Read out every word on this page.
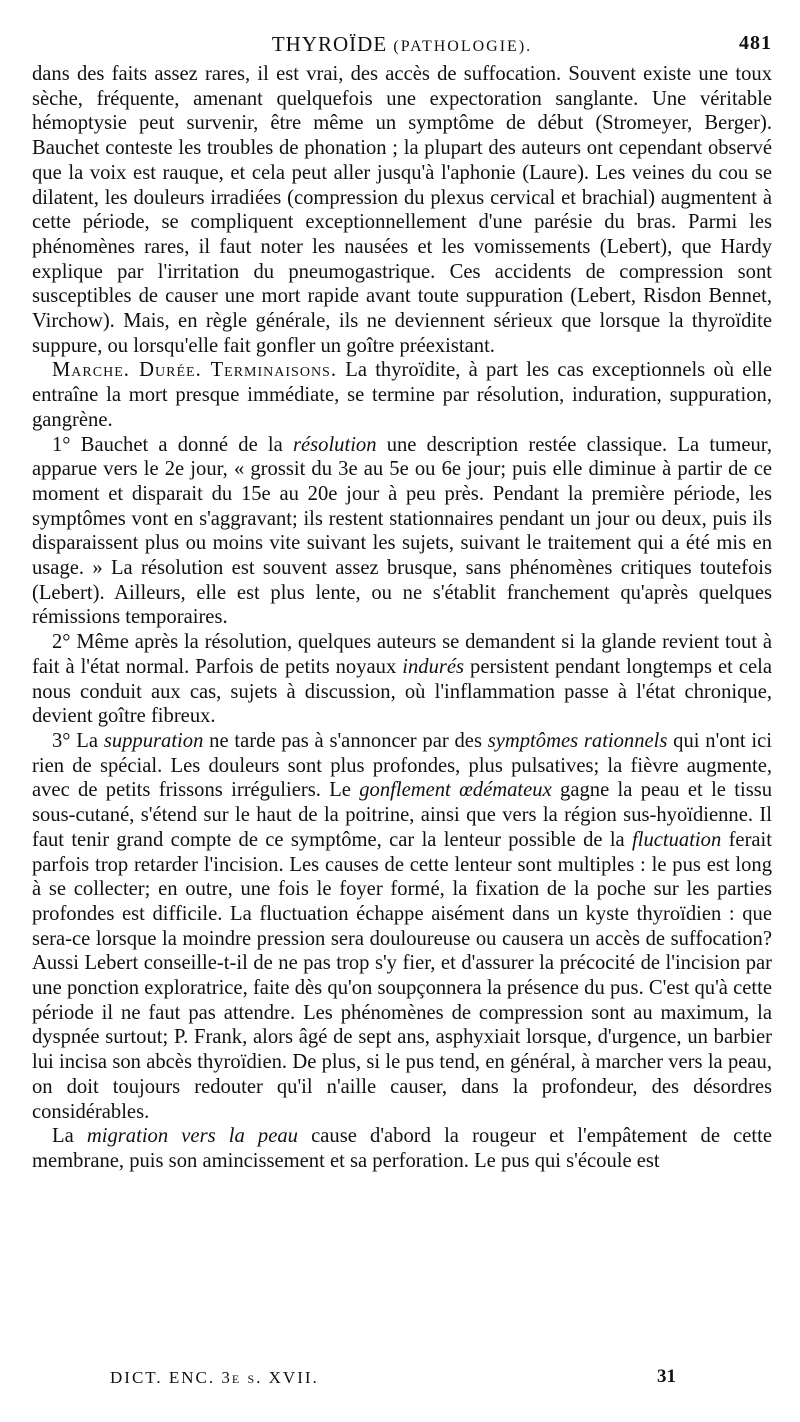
THYROÏDE (PATHOLOGIE).	481

dans des faits assez rares, il est vrai, des accès de suffocation. Souvent existe une toux sèche, fréquente, amenant quelquefois une expectoration sanglante. Une véritable hémoptysie peut survenir, être même un symptôme de début (Stromeyer, Berger). Bauchet conteste les troubles de phonation ; la plupart des auteurs ont cependant observé que la voix est rauque, et cela peut aller jusqu'à l'aphonie (Laure). Les veines du cou se dilatent, les douleurs irradiées (compression du plexus cervical et brachial) augmentent à cette période, se compliquent exceptionnellement d'une parésie du bras. Parmi les phénomènes rares, il faut noter les nausées et les vomissements (Lebert), que Hardy explique par l'irritation du pneumogastrique. Ces accidents de compression sont susceptibles de causer une mort rapide avant toute suppuration (Lebert, Risdon Bennet, Virchow). Mais, en règle générale, ils ne deviennent sérieux que lorsque la thyroïdite suppure, ou lorsqu'elle fait gonfler un goître préexistant.

Marche. Durée. Terminaisons. La thyroïdite, à part les cas exceptionnels où elle entraîne la mort presque immédiate, se termine par résolution, induration, suppuration, gangrène.

1° Bauchet a donné de la résolution une description restée classique. La tumeur, apparue vers le 2e jour, « grossit du 3e au 5e ou 6e jour; puis elle diminue à partir de ce moment et disparait du 15e au 20e jour à peu près. Pendant la première période, les symptômes vont en s'aggravant; ils restent stationnaires pendant un jour ou deux, puis ils disparaissent plus ou moins vite suivant les sujets, suivant le traitement qui a été mis en usage. » La résolution est souvent assez brusque, sans phénomènes critiques toutefois (Lebert). Ailleurs, elle est plus lente, ou ne s'établit franchement qu'après quelques rémissions temporaires.

2° Même après la résolution, quelques auteurs se demandent si la glande revient tout à fait à l'état normal. Parfois de petits noyaux indurés persistent pendant longtemps et cela nous conduit aux cas, sujets à discussion, où l'inflammation passe à l'état chronique, devient goître fibreux.

3° La suppuration ne tarde pas à s'annoncer par des symptômes rationnels qui n'ont ici rien de spécial. Les douleurs sont plus profondes, plus pulsatives; la fièvre augmente, avec de petits frissons irréguliers. Le gonflement œdémateux gagne la peau et le tissu sous-cutané, s'étend sur le haut de la poitrine, ainsi que vers la région sus-hyoïdienne. Il faut tenir grand compte de ce symptôme, car la lenteur possible de la fluctuation ferait parfois trop retarder l'incision. Les causes de cette lenteur sont multiples : le pus est long à se collecter; en outre, une fois le foyer formé, la fixation de la poche sur les parties profondes est difficile. La fluctuation échappe aisément dans un kyste thyroïdien : que sera-ce lorsque la moindre pression sera douloureuse ou causera un accès de suffocation? Aussi Lebert conseille-t-il de ne pas trop s'y fier, et d'assurer la précocité de l'incision par une ponction exploratrice, faite dès qu'on soupçonnera la présence du pus. C'est qu'à cette période il ne faut pas attendre. Les phénomènes de compression sont au maximum, la dyspnée surtout; P. Frank, alors âgé de sept ans, asphyxiait lorsque, d'urgence, un barbier lui incisa son abcès thyroïdien. De plus, si le pus tend, en général, à marcher vers la peau, on doit toujours redouter qu'il n'aille causer, dans la profondeur, des désordres considérables.

La migration vers la peau cause d'abord la rougeur et l'empâtement de cette membrane, puis son amincissement et sa perforation. Le pus qui s'écoule est

DICT. ENC. 3e s. XVII.	31
